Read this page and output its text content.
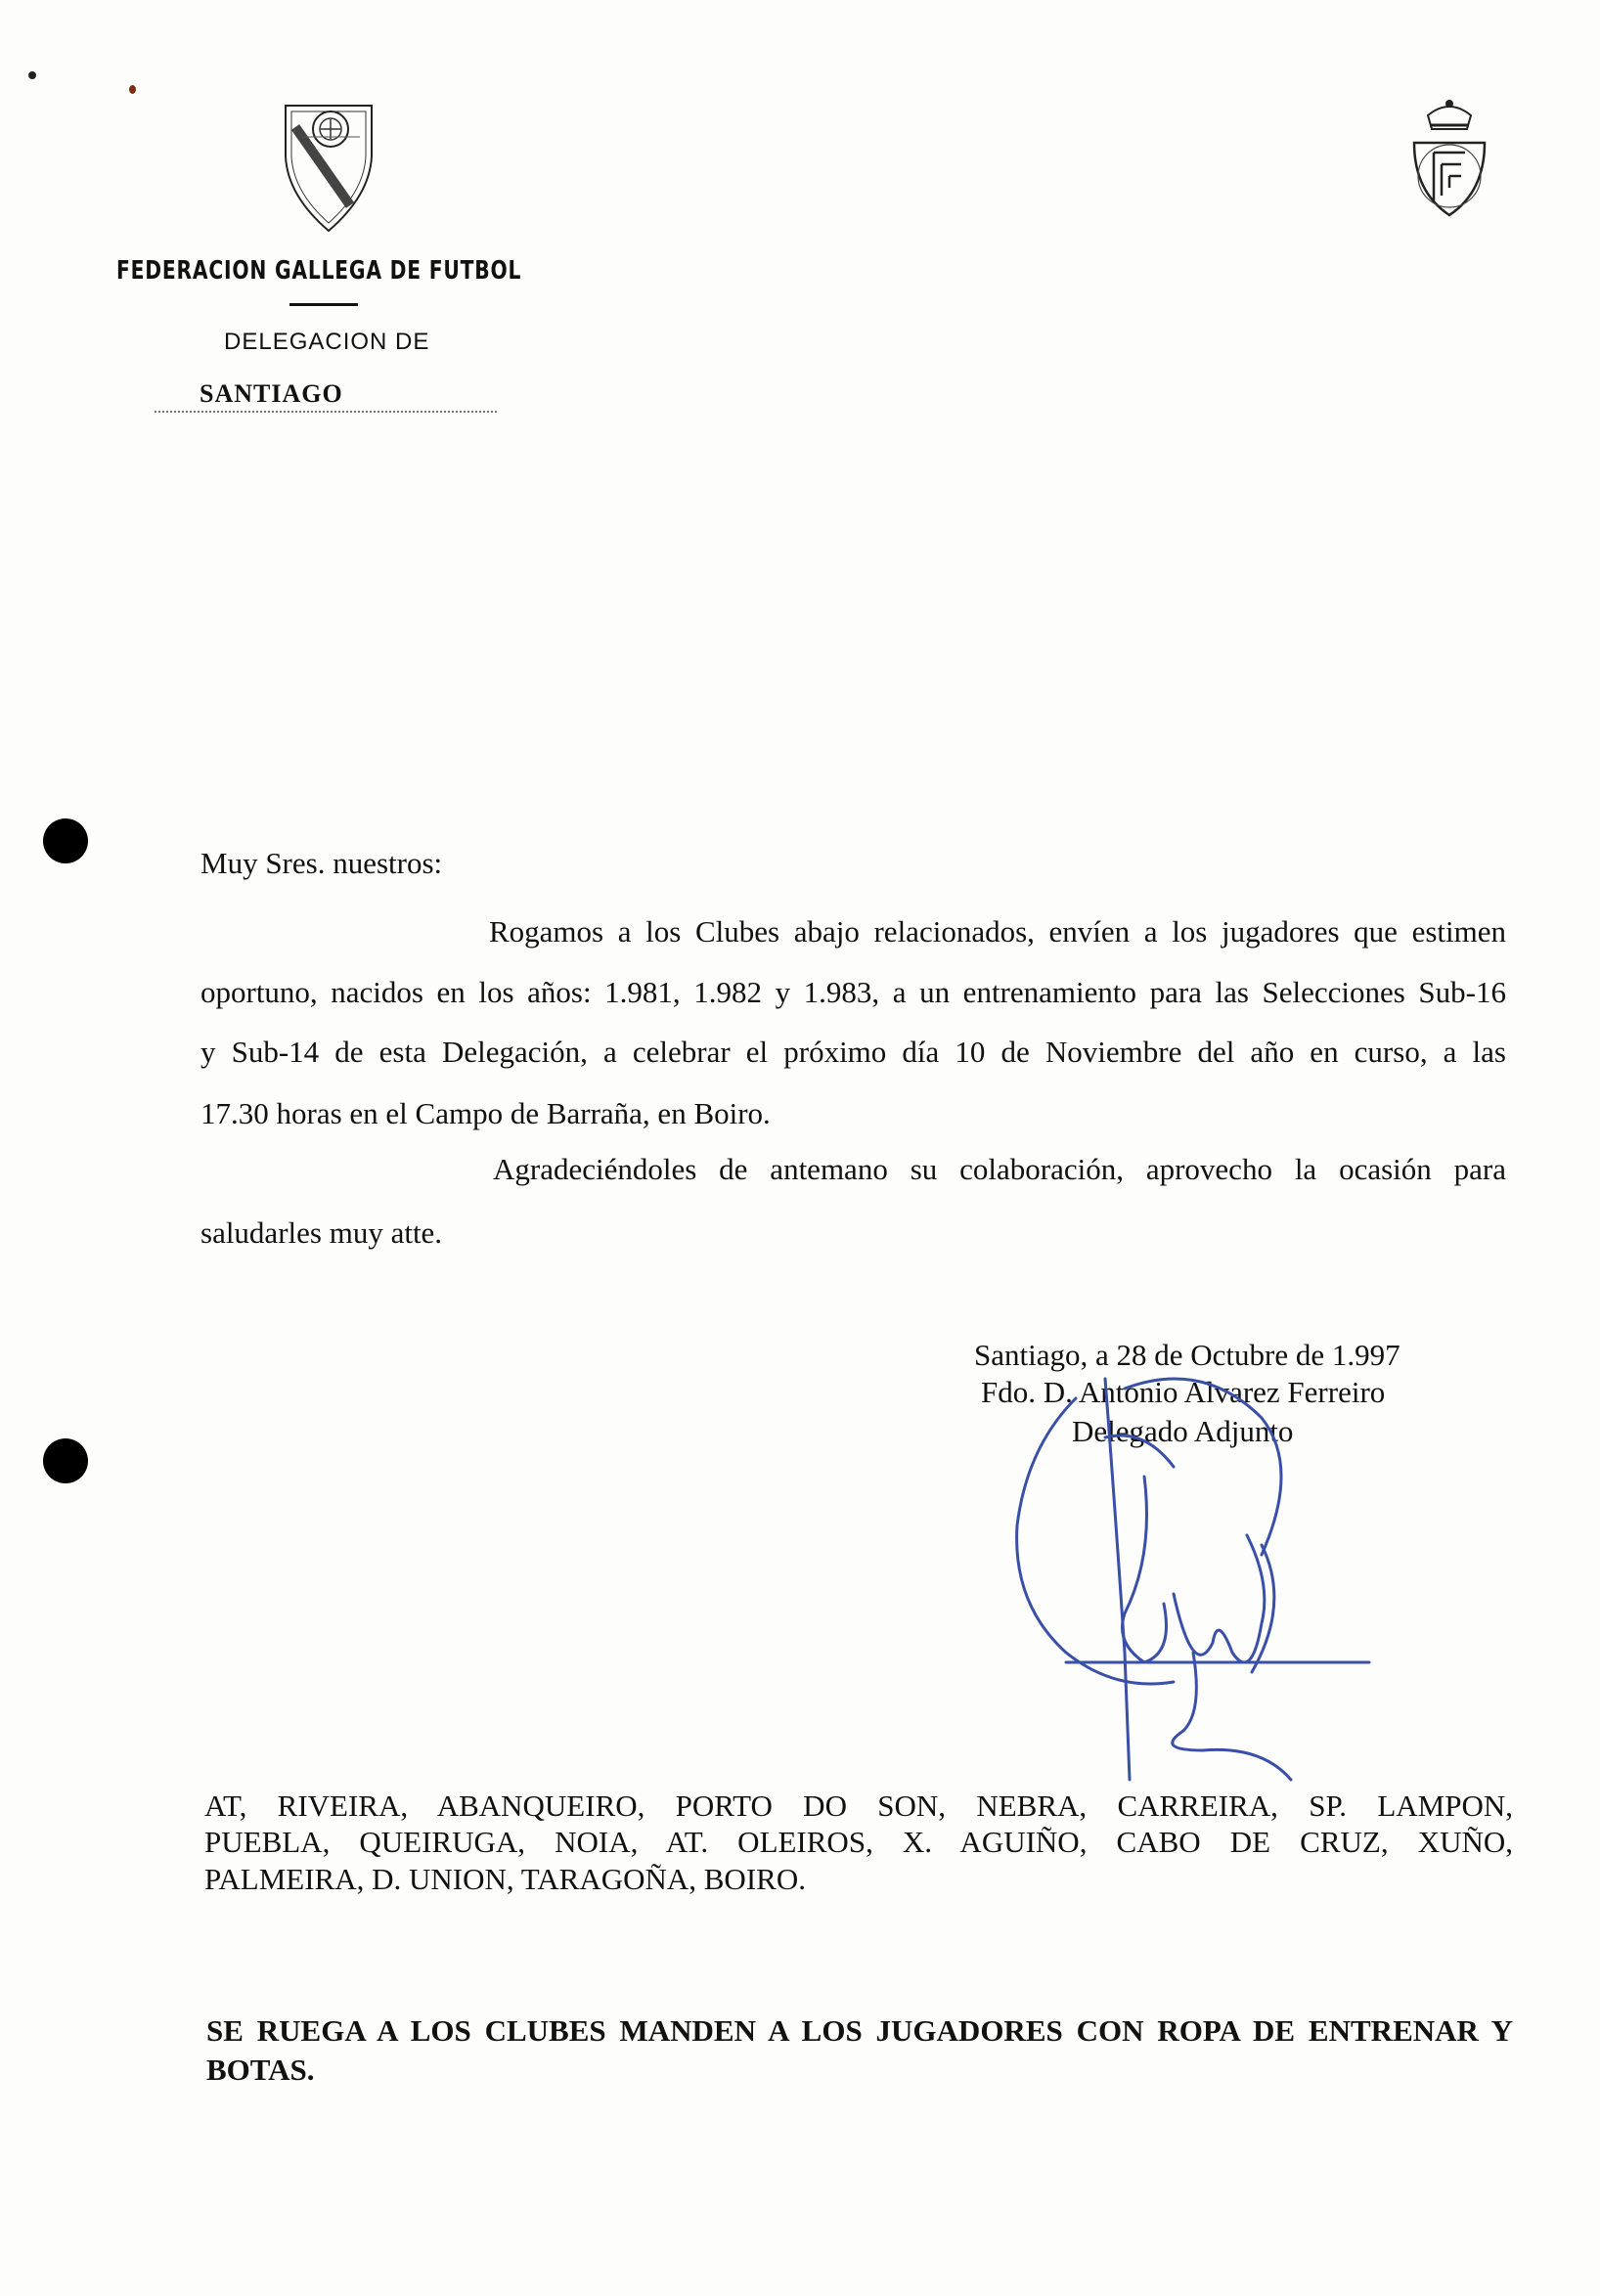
FEDERACION GALLEGA DE FUTBOL
DELEGACION DE
SANTIAGO
Muy Sres. nuestros:
Rogamos a los Clubes abajo relacionados, envíen a los jugadores que estimen
oportuno, nacidos en los años: 1.981, 1.982 y 1.983, a un entrenamiento para las Selecciones Sub-16
y Sub-14 de esta Delegación, a celebrar el próximo día 10 de Noviembre del año en curso, a las
17.30 horas en el Campo de Barraña, en Boiro.
Agradeciéndoles de antemano su colaboración, aprovecho la ocasión para
saludarles muy atte.
Santiago, a 28 de Octubre de 1.997
Fdo. D. Antonio Alvarez Ferreiro
Delegado Adjunto
AT, RIVEIRA, ABANQUEIRO, PORTO DO SON, NEBRA, CARREIRA, SP. LAMPON,
PUEBLA, QUEIRUGA, NOIA, AT. OLEIROS, X. AGUIÑO, CABO DE CRUZ, XUÑO,
PALMEIRA, D. UNION, TARAGOÑA, BOIRO.
SE RUEGA A LOS CLUBES MANDEN A LOS JUGADORES CON ROPA DE ENTRENAR Y BOTAS.
